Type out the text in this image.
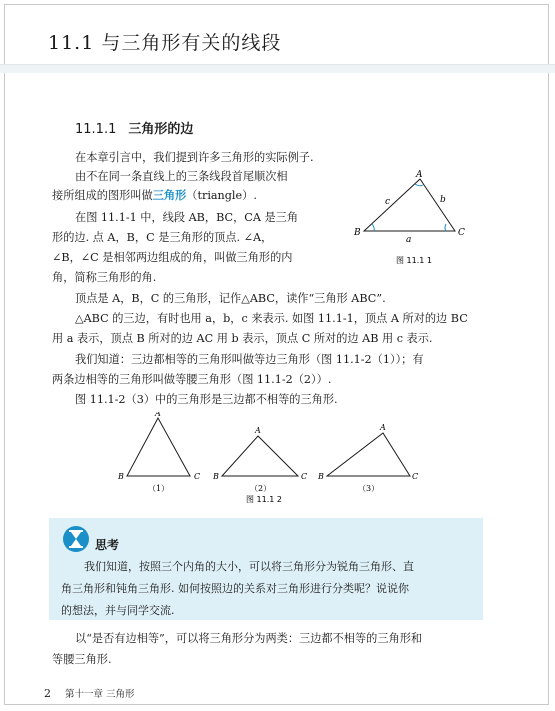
11.1 与三角形有关的线段
11.1.1 三角形的边

在本章引言中，我们提到许多三角形的实际例子.

由不在同一条直线上的三条线段首尾顺次相

接所组成的图形叫做三角形（triangle）.

在图 11.1-1 中，线段 AB，BC，CA 是三角

形的边. 点 A，B，C 是三角形的顶点. ∠A，

∠B，∠C 是相邻两边组成的角，叫做三角形的内

角，简称三角形的角.

顶点是 A，B，C 的三角形，记作△ABC，读作“三角形 ABC”.

△ABC 的三边，有时也用 a，b，c 来表示. 如图 11.1-1，顶点 A 所对的边 BC

用 a 表示，顶点 B 所对的边 AC 用 b 表示，顶点 C 所对的边 AB 用 c 表示.

我们知道：三边都相等的三角形叫做等边三角形（图 11.1-2（1））；有

两条边相等的三角形叫做等腰三角形（图 11.1-2（2））.

图 11.1-2（3）中的三角形是三边都不相等的三角形.

A
B	C
a
b
c
图 11.1 1
A
B	C
（1）
A
B	C
（2）
A
B	C
（3）
图 11.1 2
思考
我们知道，按照三个内角的大小，可以将三角形分为锐角三角形、直
角三角形和钝角三角形. 如何按照边的关系对三角形进行分类呢？说说你
的想法，并与同学交流.

以“是否有边相等”，可以将三角形分为两类：三边都不相等的三角形和

等腰三角形.

2 第十一章 三角形
